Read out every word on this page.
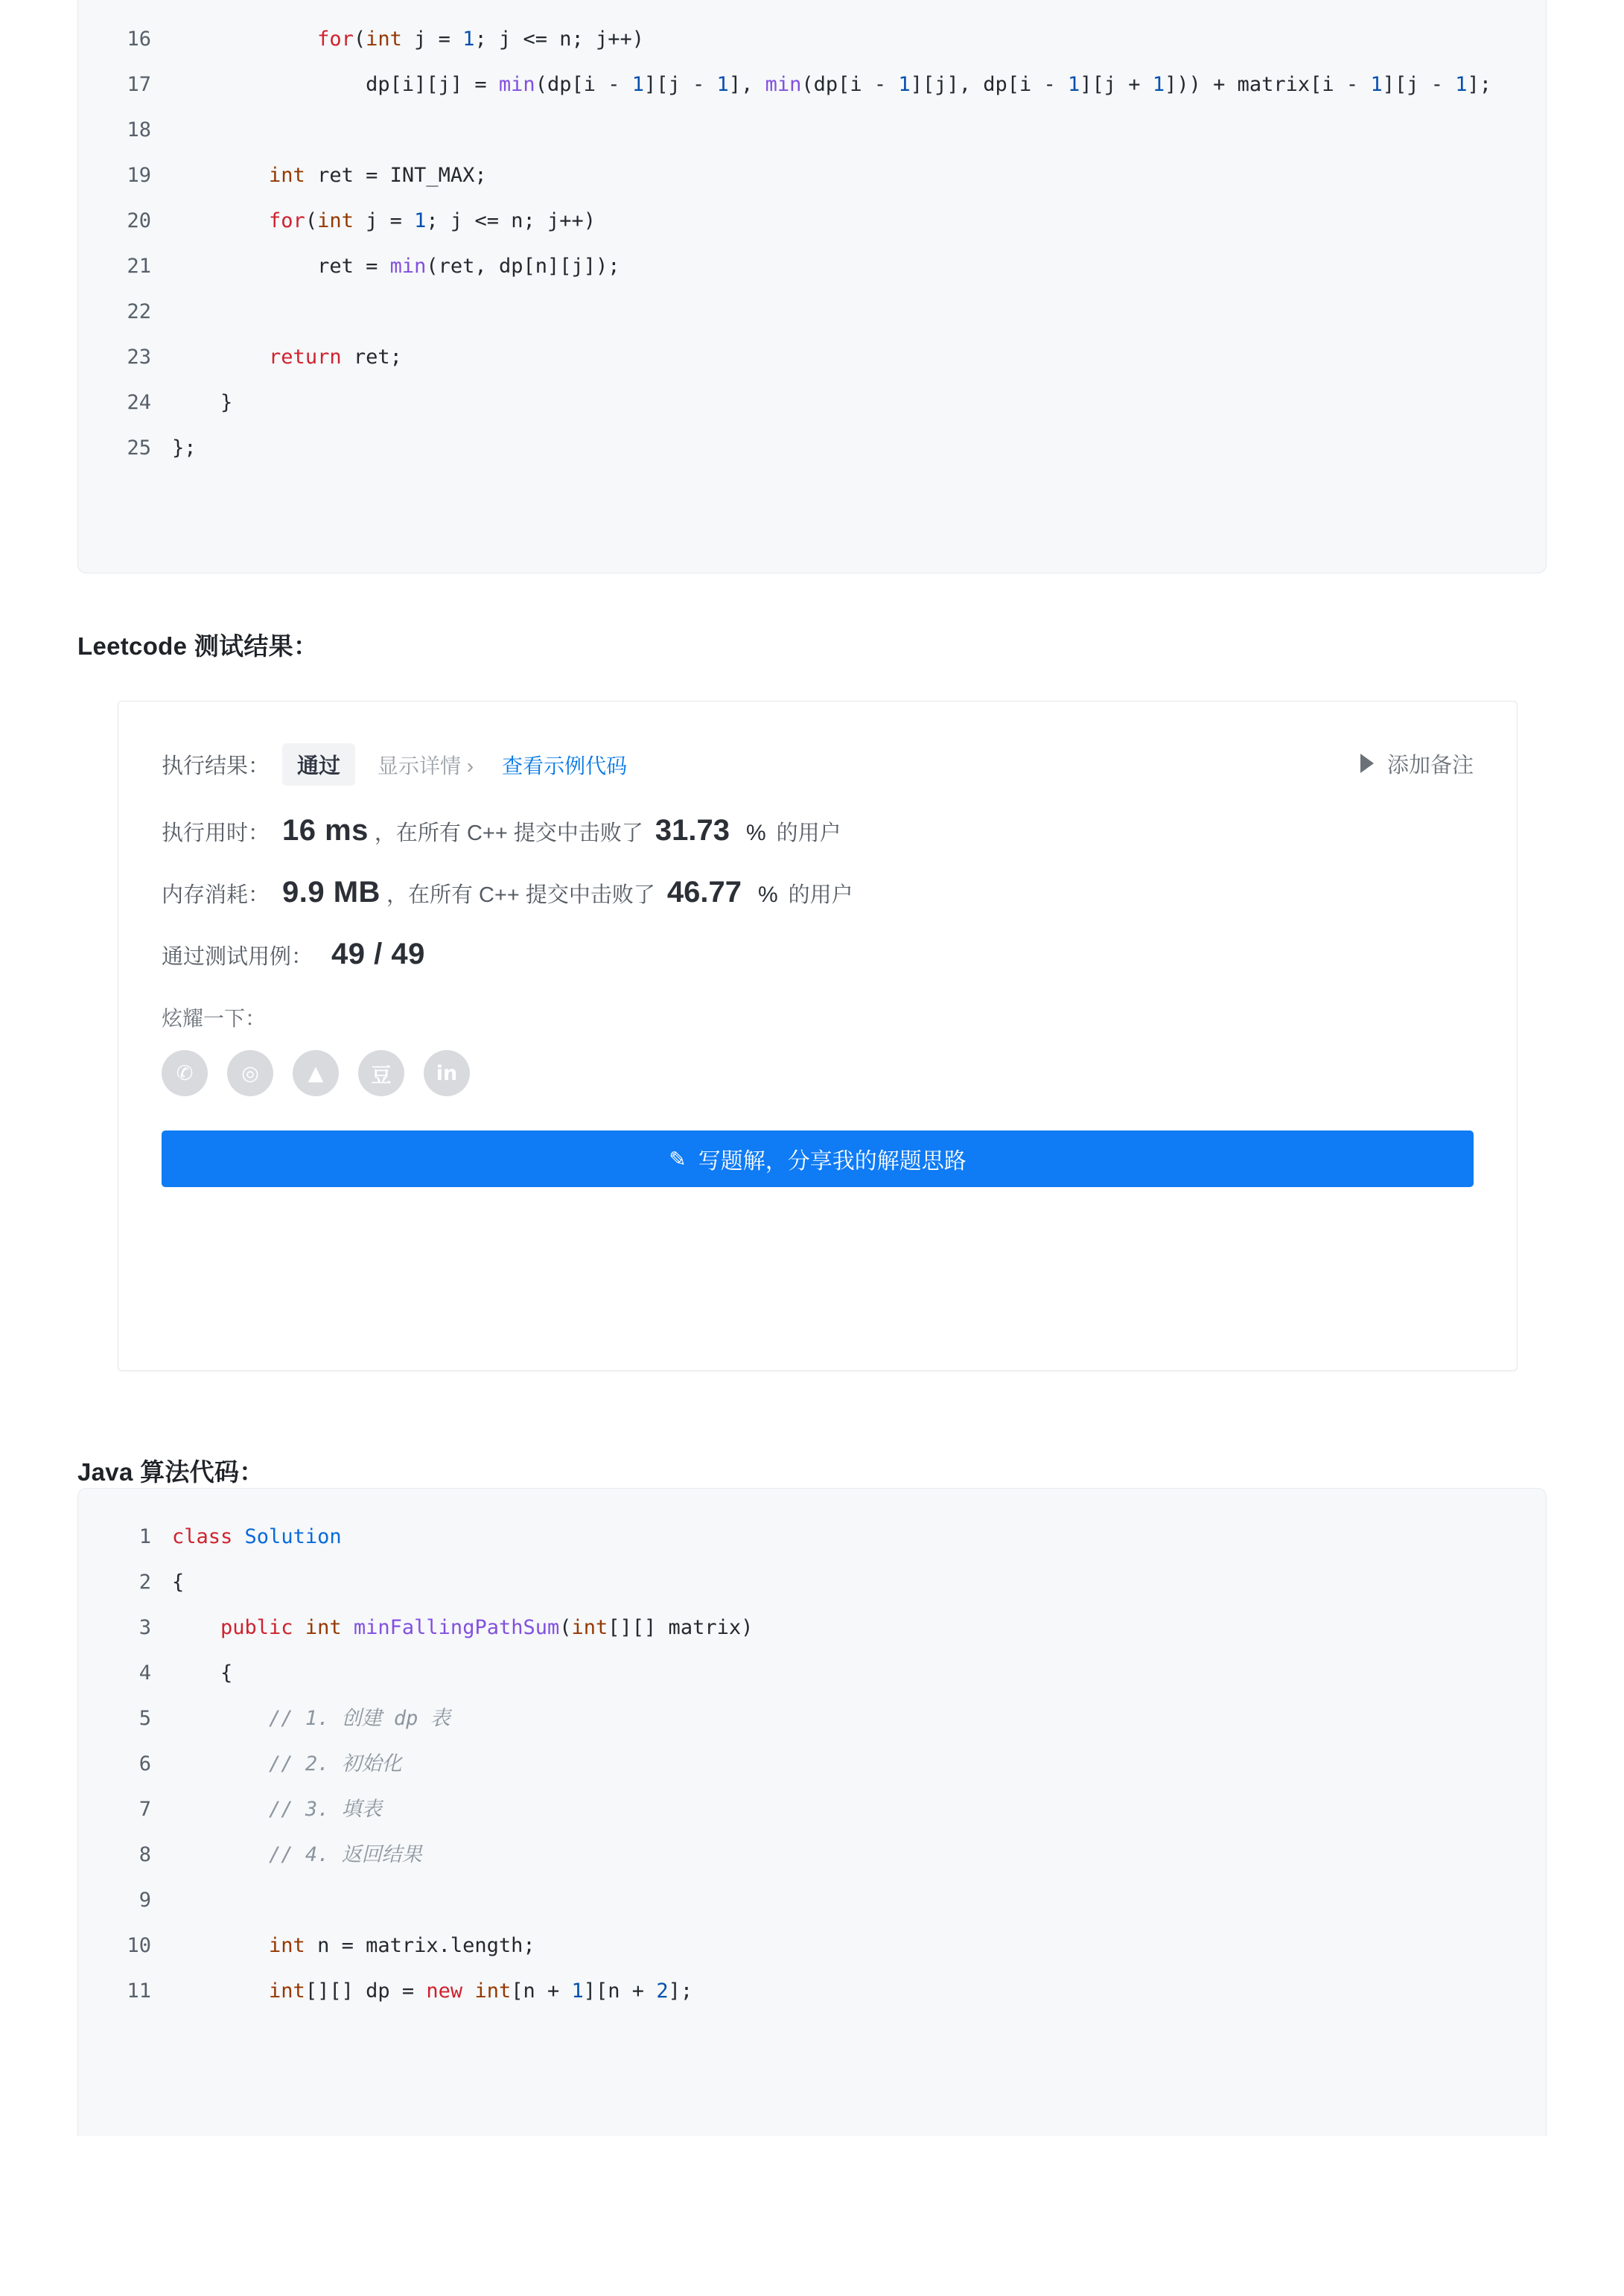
16	for(int j = 1; j <= n; j++)
17	dp[i][j] = min(dp[i - 1][j - 1], min(dp[i - 1][j], dp[i - 1][j + 1])) + matrix[i - 1][j - 1];
18
19	int ret = INT_MAX;
20	for(int j = 1; j <= n; j++)
21	ret = min(ret, dp[n][j]);
22
23	return ret;
24	}
25	};
Leetcode 测试结果：
执行结果：	通过	显示详情 › 查看示例代码	添加备注
执行用时： 16 ms ，在所有 C++ 提交中击败了 31.73 % 的用户
内存消耗： 9.9 MB ，在所有 C++ 提交中击败了 46.77 % 的用户
通过测试用例： 49 / 49
炫耀一下：
✆	◎	▲	豆	in
✎ 写题解，分享我的解题思路
Java 算法代码：
1	class Solution
2	{
3	public int minFallingPathSum(int[][] matrix)
4	{
5	// 1. 创建 dp 表
6	// 2. 初始化
7	// 3. 填表
8	// 4. 返回结果
9
10	int n = matrix.length;
11	int[][] dp = new int[n + 1][n + 2];
